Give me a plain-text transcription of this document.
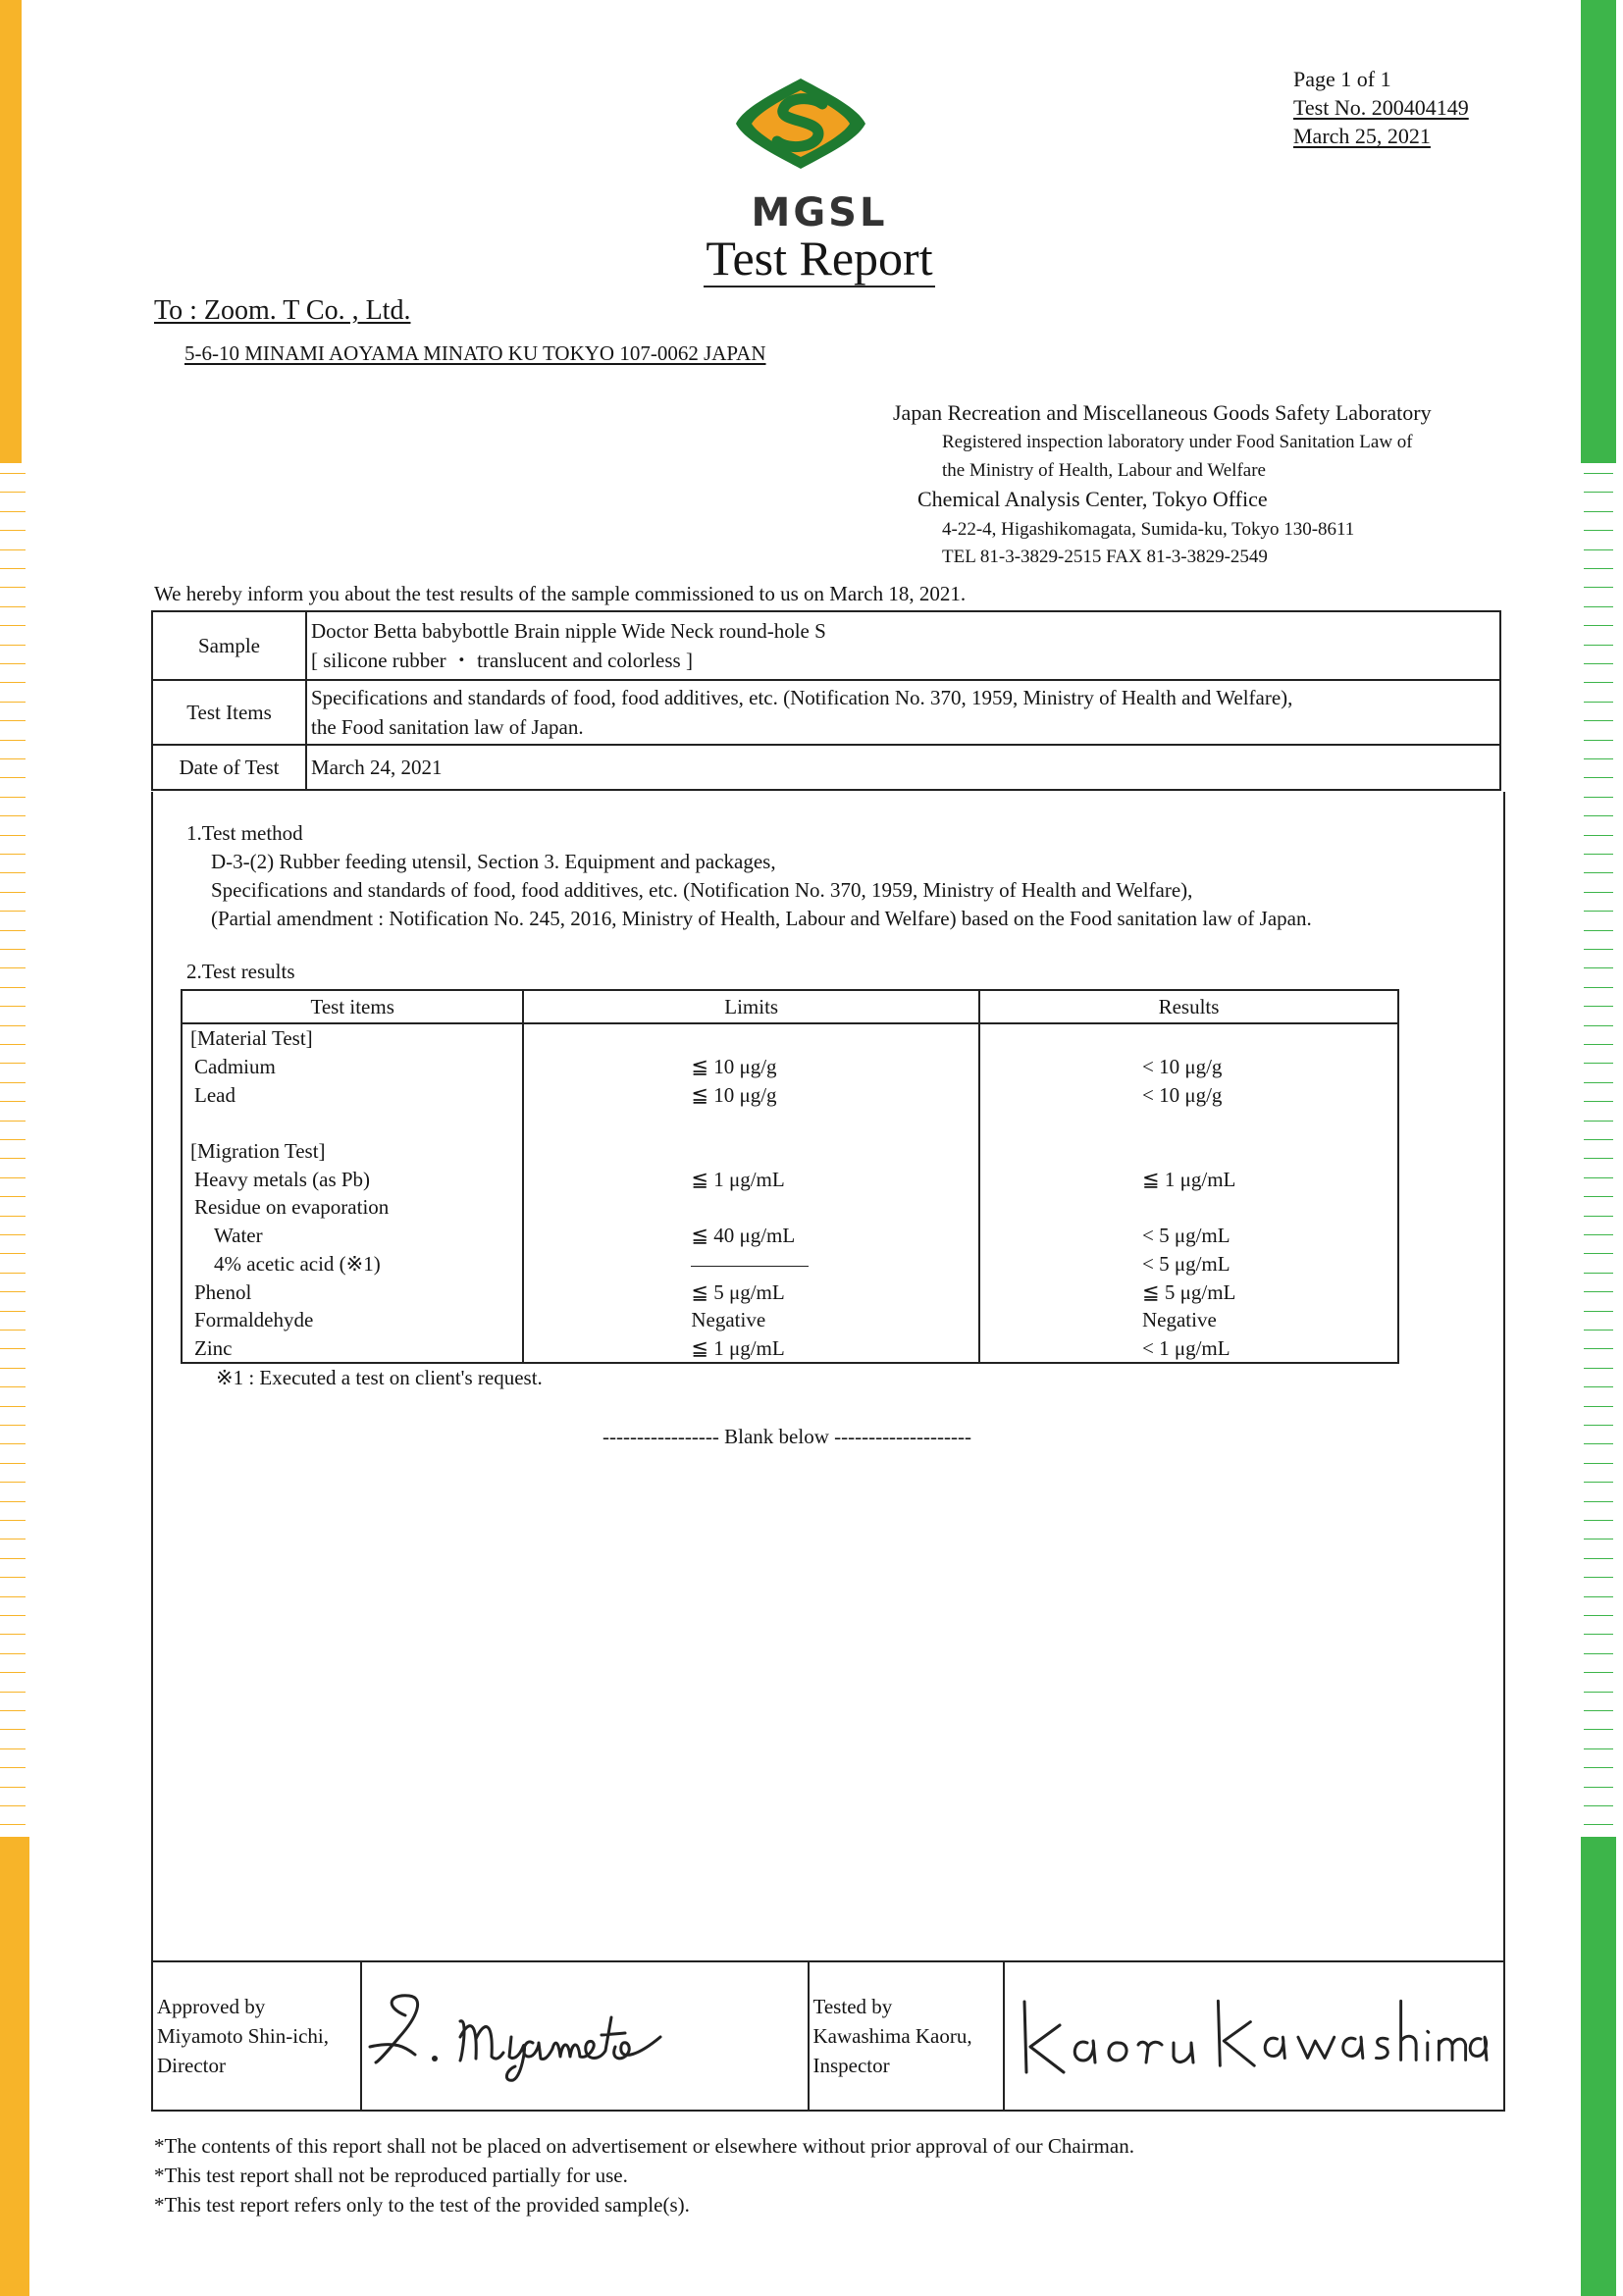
Page 1 of 1
Test No. 200404149
March 25, 2021
MGSL
Test Report
To : Zoom. T Co. , Ltd.
5-6-10 MINAMI AOYAMA MINATO KU TOKYO 107-0062 JAPAN
Japan Recreation and Miscellaneous Goods Safety Laboratory
Registered inspection laboratory under Food Sanitation Law of
the Ministry of Health, Labour and Welfare
Chemical Analysis Center, Tokyo Office
4-22-4, Higashikomagata, Sumida-ku, Tokyo 130-8611
TEL 81-3-3829-2515 FAX 81-3-3829-2549
We hereby inform you about the test results of the sample commissioned to us on March 18, 2021.
Sample	Doctor Betta babybottle Brain nipple Wide Neck round-hole S
[ silicone rubber ・ translucent and colorless ]

Test Items	Specifications and standards of food, food additives, etc. (Notification No. 370, 1959, Ministry of Health and Welfare),
the Food sanitation law of Japan.

Date of Test	March 24, 2021
1.Test method
D-3-(2) Rubber feeding utensil, Section 3. Equipment and packages,
Specifications and standards of food, food additives, etc. (Notification No. 370, 1959, Ministry of Health and Welfare),
(Partial amendment : Notification No. 245, 2016, Ministry of Health, Labour and Welfare) based on the Food sanitation law of Japan.
2.Test results
Test items	Limits	Results
[Material Test]		
Cadmium	≦ 10 μg/g	< 10 μg/g
Lead	≦ 10 μg/g	< 10 μg/g

[Migration Test]		
Heavy metals (as Pb)	≦ 1 μg/mL	≦ 1 μg/mL
Residue on evaporation		
Water	≦ 40 μg/mL	< 5 μg/mL
4% acetic acid (※1)		< 5 μg/mL
Phenol	≦ 5 μg/mL	≦ 5 μg/mL
Formaldehyde	Negative	Negative
Zinc	≦ 1 μg/mL	< 1 μg/mL
※1 : Executed a test on client's request.
----------------- Blank below --------------------
Approved by
Miyamoto Shin-ichi,
Director

Tested by
Kawashima Kaoru,
Inspector

*The contents of this report shall not be placed on advertisement or elsewhere without prior approval of our Chairman.
*This test report shall not be reproduced partially for use.
*This test report refers only to the test of the provided sample(s).
